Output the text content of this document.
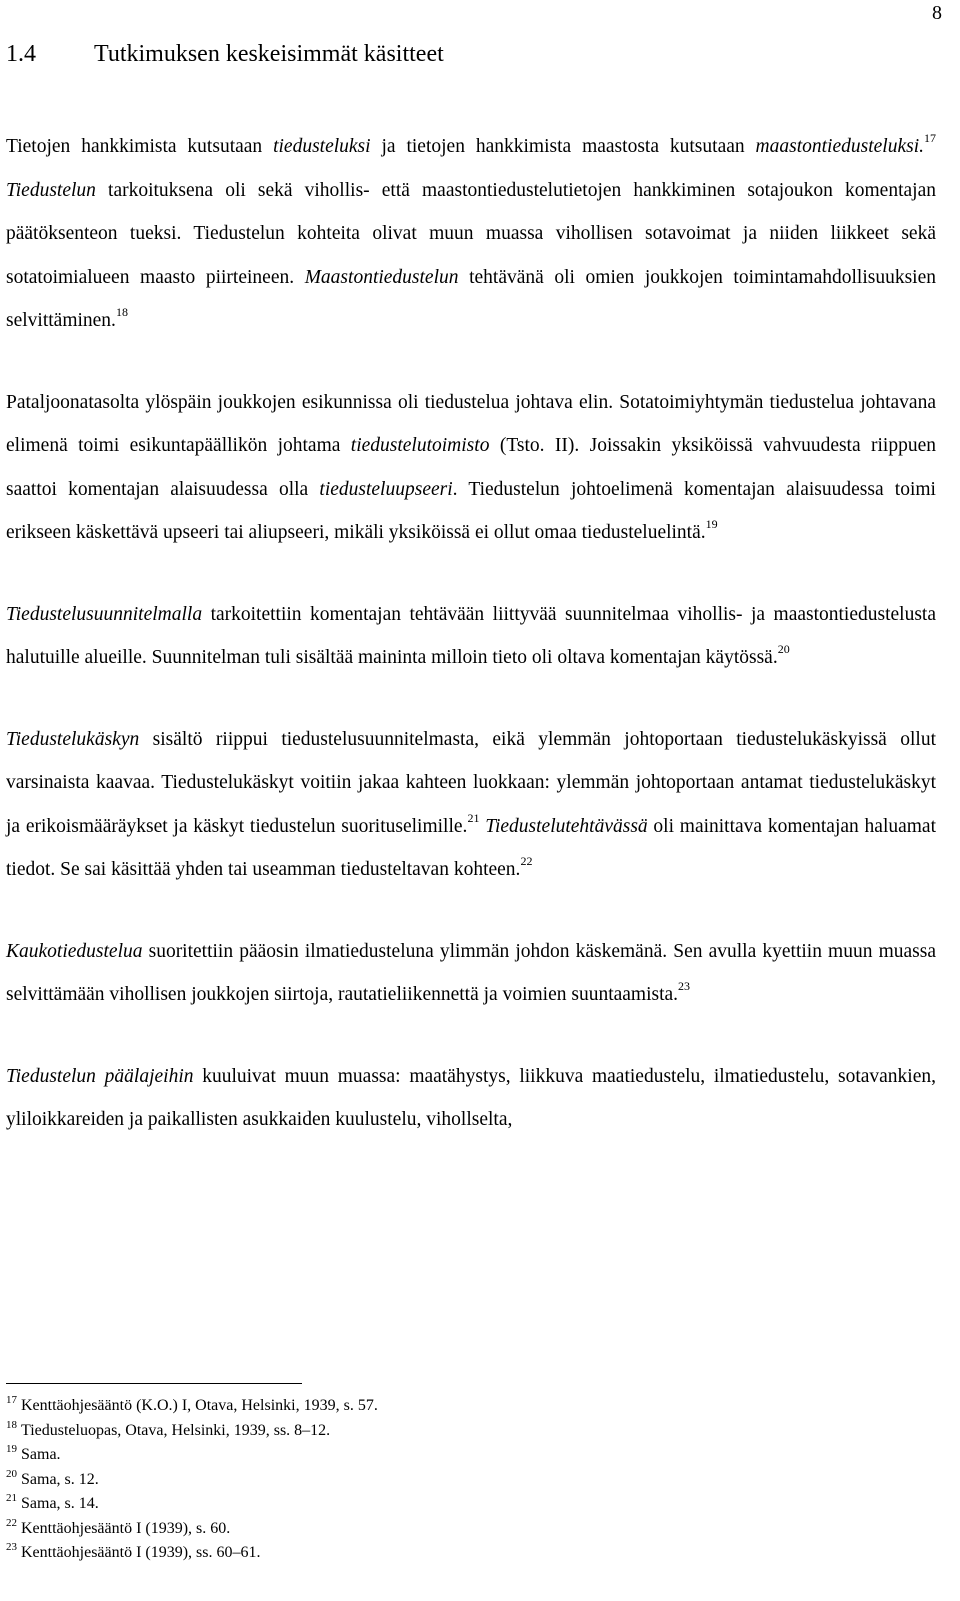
8
1.4 Tutkimuksen keskeisimmät käsitteet

Tietojen hankkimista kutsutaan tiedusteluksi ja tietojen hankkimista maastosta kutsutaan maastontiedusteluksi.$^{17}$ Tiedustelun tarkoituksena oli sekä vihollis- että maastontiedustelutietojen hankkiminen sotajoukon komentajan päätöksenteon tueksi. Tiedustelun kohteita olivat muun muassa vihollisen sotavoimat ja niiden liikkeet sekä sotatoimialueen maasto piirteineen. Maastontiedustelun tehtävänä oli omien joukkojen toimintamahdollisuuksien selvittäminen.$^{18}$

Pataljoonatasolta ylöspäin joukkojen esikunnissa oli tiedustelua johtava elin. Sotatoimiyhtymän tiedustelua johtavana elimenä toimi esikuntapäällikön johtama tiedustelutoimisto (Tsto. II). Joissakin yksiköissä vahvuudesta riippuen saattoi komentajan alaisuudessa olla tiedusteluupseeri. Tiedustelun johtoelimenä komentajan alaisuudessa toimi erikseen käskettävä upseeri tai aliupseeri, mikäli yksiköissä ei ollut omaa tiedusteluelintä.$^{19}$

Tiedustelusuunnitelmalla tarkoitettiin komentajan tehtävään liittyvää suunnitelmaa vihollis- ja maastontiedustelusta halutuille alueille. Suunnitelman tuli sisältää maininta milloin tieto oli oltava komentajan käytössä.$^{20}$

Tiedustelukäskyn sisältö riippui tiedustelusuunnitelmasta, eikä ylemmän johtoportaan tiedustelukäskyissä ollut varsinaista kaavaa. Tiedustelukäskyt voitiin jakaa kahteen luokkaan: ylemmän johtoportaan antamat tiedustelukäskyt ja erikoismääräykset ja käskyt tiedustelun suorituselimille.$^{21}$ Tiedustelutehtävässä oli mainittava komentajan haluamat tiedot. Se sai käsittää yhden tai useamman tiedusteltavan kohteen.$^{22}$

Kaukotiedustelua suoritettiin pääosin ilmatiedusteluna ylimmän johdon käskemänä. Sen avulla kyettiin muun muassa selvittämään vihollisen joukkojen siirtoja, rautatieliikennettä ja voimien suuntaamista.$^{23}$

Tiedustelun päälajeihin kuuluivat muun muassa: maatähystys, liikkuva maatiedustelu, ilmatiedustelu, sotavankien, yliloikkareiden ja paikallisten asukkaiden kuulustelu, vihollselta,

$^{17}$ Kenttäohjesääntö (K.O.) I, Otava, Helsinki, 1939, s. 57.
$^{18}$ Tiedusteluopas, Otava, Helsinki, 1939, ss. 8–12.
$^{19}$ Sama.
$^{20}$ Sama, s. 12.
$^{21}$ Sama, s. 14.
$^{22}$ Kenttäohjesääntö I (1939), s. 60.
$^{23}$ Kenttäohjesääntö I (1939), ss. 60–61.
